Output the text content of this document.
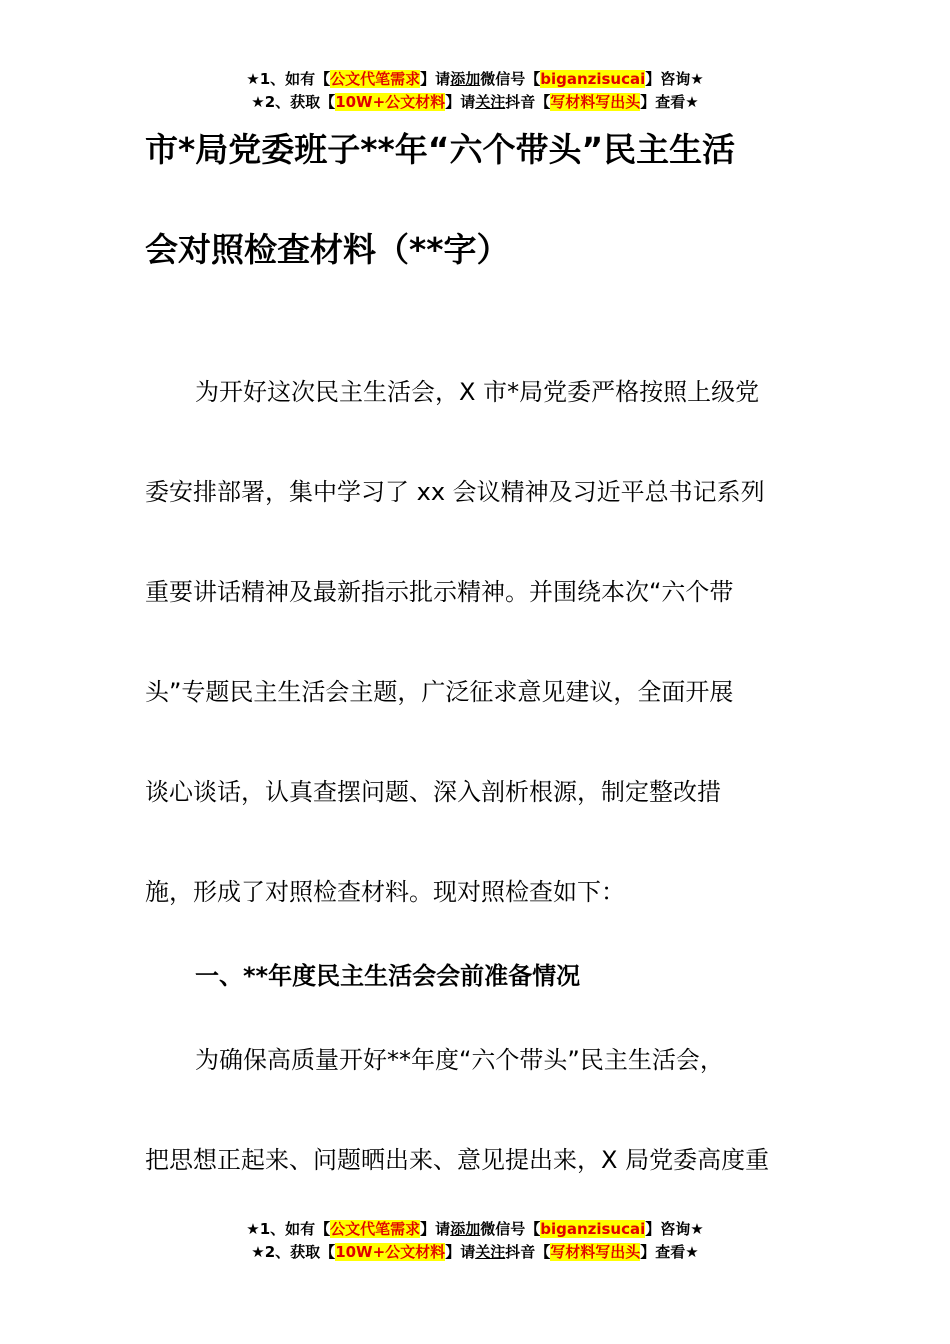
★1、如有【公文代笔需求】请添加微信号【biganzisucai】咨询★
★2、获取【10W+公文材料】请关注抖音【写材料写出头】查看★
市*局党委班子**年“六个带头”民主生活
会对照检查材料（**字）
为开好这次民主生活会，X 市*局党委严格按照上级党
委安排部署，集中学习了 xx 会议精神及习近平总书记系列
重要讲话精神及最新指示批示精神。并围绕本次“六个带
头”专题民主生活会主题，广泛征求意见建议，全面开展
谈心谈话，认真查摆问题、深入剖析根源，制定整改措
施，形成了对照检查材料。现对照检查如下：
一、**年度民主生活会会前准备情况
为确保高质量开好**年度“六个带头”民主生活会，
把思想正起来、问题晒出来、意见提出来，X 局党委高度重
★1、如有【公文代笔需求】请添加微信号【biganzisucai】咨询★
★2、获取【10W+公文材料】请关注抖音【写材料写出头】查看★
